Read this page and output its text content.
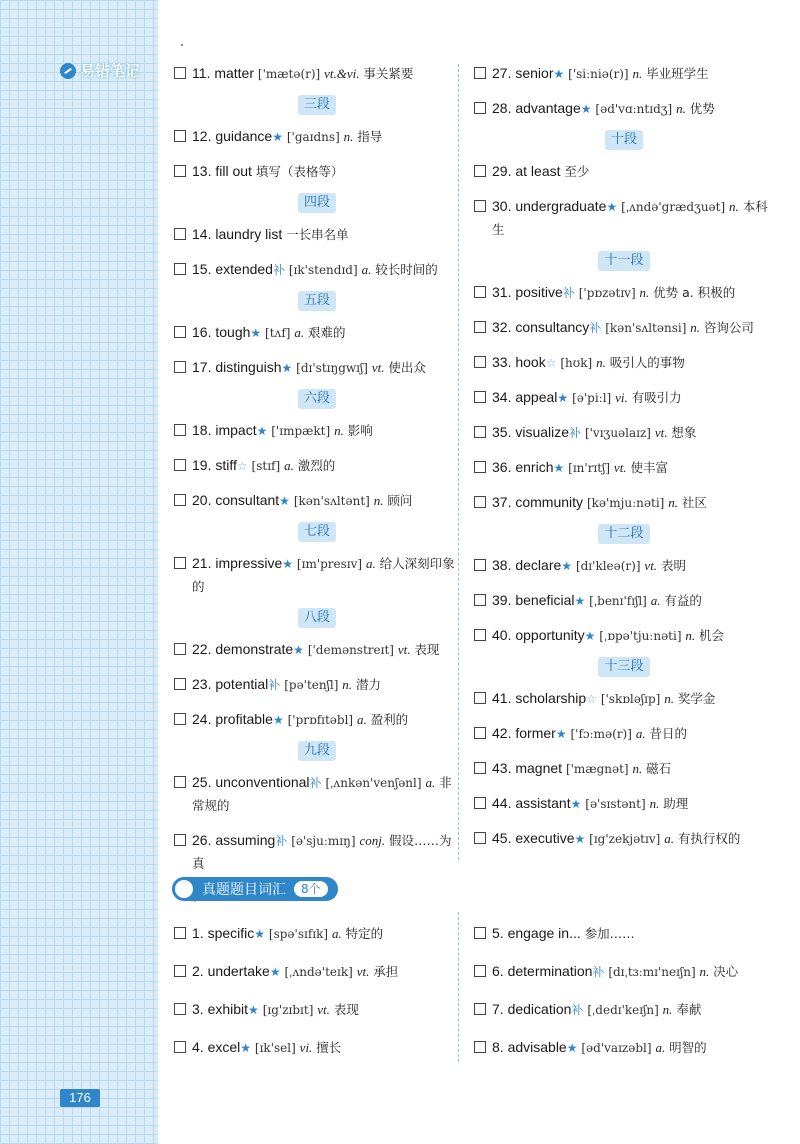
易错笔记
176
11. matter ['mætə(r)] vt.&vi. 事关紧要
三段
12. guidance★ ['gaɪdns] n. 指导
13. fill out 填写（表格等）
四段
14. laundry list 一长串名单
15. extended补 [ɪk'stendɪd] a. 较长时间的
五段
16. tough★ [tʌf] a. 艰难的
17. distinguish★ [dɪ'stɪŋgwɪʃ] vt. 使出众
六段
18. impact★ ['ɪmpækt] n. 影响
19. stiff☆ [stɪf] a. 激烈的
20. consultant★ [kən'sʌltənt] n. 顾问
七段
21. impressive★ [ɪm'presɪv] a. 给人深刻印象的
八段
22. demonstrate★ ['demənstreɪt] vt. 表现
23. potential补 [pə'tenʃl] n. 潜力
24. profitable★ ['prɒfɪtəbl] a. 盈利的
九段
25. unconventional补 [ˌʌnkən'venʃənl] a. 非常规的
26. assuming补 [ə'sjuːmɪŋ] conj. 假设……为真
27. senior★ ['siːniə(r)] n. 毕业班学生
28. advantage★ [əd'vɑːntɪdʒ] n. 优势
十段
29. at least 至少
30. undergraduate★ [ˌʌndə'grædʒuət] n. 本科生
十一段
31. positive补 ['pɒzətɪv] n. 优势 a. 积极的
32. consultancy补 [kən'sʌltənsi] n. 咨询公司
33. hook☆ [hʊk] n. 吸引人的事物
34. appeal★ [ə'piːl] vi. 有吸引力
35. visualize补 ['vɪʒuəlaɪz] vt. 想象
36. enrich★ [ɪn'rɪtʃ] vt. 使丰富
37. community [kə'mjuːnəti] n. 社区
十二段
38. declare★ [dɪ'kleə(r)] vt. 表明
39. beneficial★ [ˌbenɪ'fɪʃl] a. 有益的
40. opportunity★ [ˌɒpə'tjuːnəti] n. 机会
十三段
41. scholarship☆ ['skɒləʃɪp] n. 奖学金
42. former★ ['fɔːmə(r)] a. 昔日的
43. magnet ['mægnət] n. 磁石
44. assistant★ [ə'sɪstənt] n. 助理
45. executive★ [ɪg'zekjətɪv] a. 有执行权的
真题题目词汇	8个
1. specific★ [spə'sɪfɪk] a. 特定的
2. undertake★ [ˌʌndə'teɪk] vt. 承担
3. exhibit★ [ɪg'zɪbɪt] vt. 表现
4. excel★ [ɪk'sel] vi. 擅长
5. engage in... 参加……
6. determination补 [dɪˌtɜːmɪ'neɪʃn] n. 决心
7. dedication补 [ˌdedɪ'keɪʃn] n. 奉献
8. advisable★ [əd'vaɪzəbl] a. 明智的
